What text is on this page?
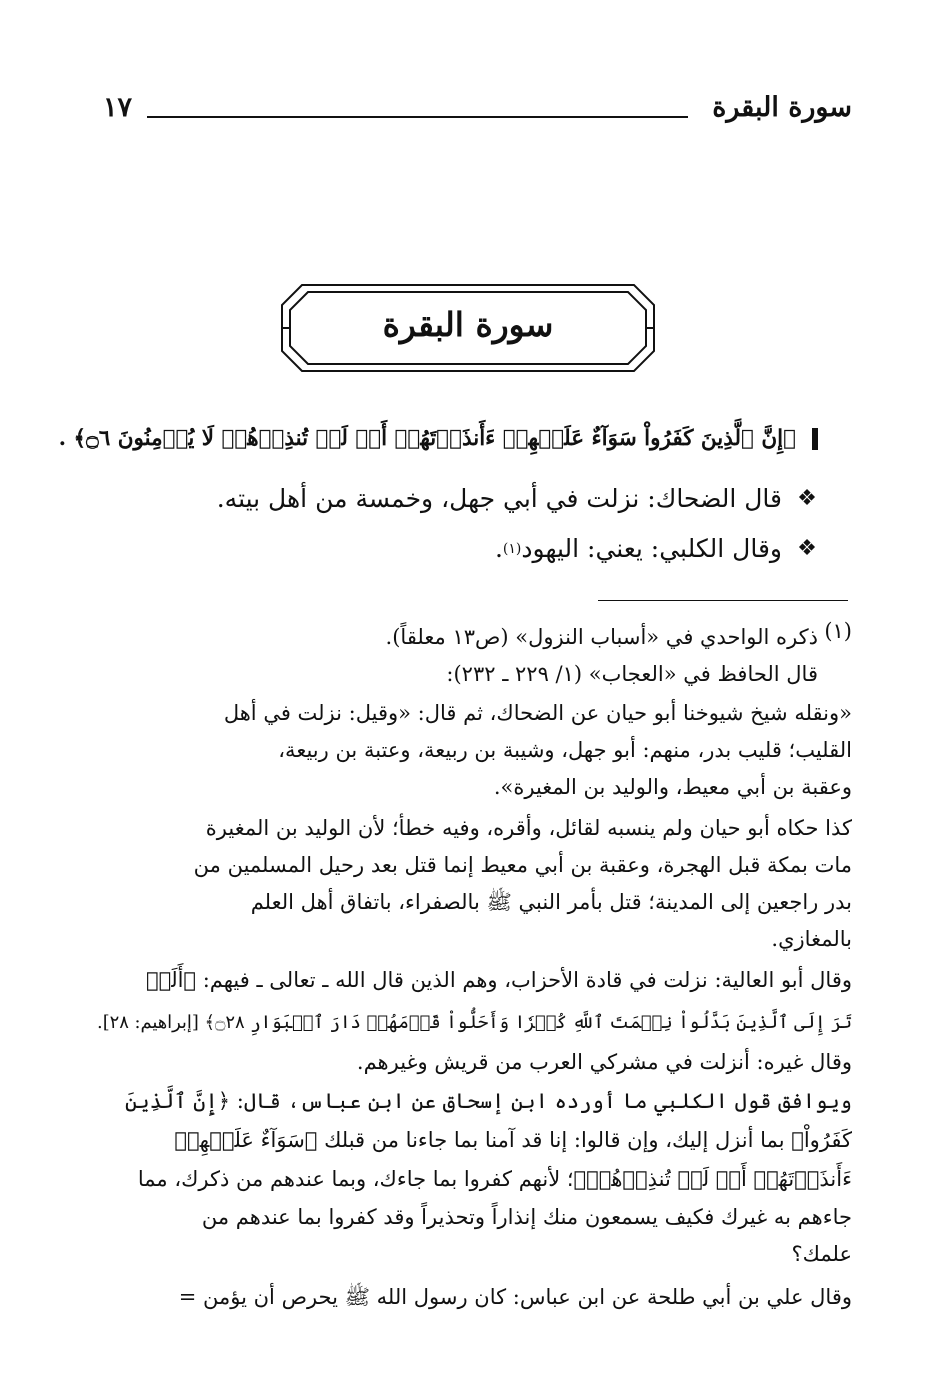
سورة البقرة
١٧
سورة البقرة
﴿إِنَّ ٱلَّذِينَ كَفَرُواْ سَوَآءٌ عَلَيۡهِمۡ ءَأَنذَرۡتَهُمۡ أَمۡ لَمۡ تُنذِرۡهُمۡ لَا يُؤۡمِنُونَ ۝٦﴾ .
❖
قال الضحاك: نزلت في أبي جهل، وخمسة من أهل بيته.
❖
وقال الكلبي: يعني: اليهود
(١)
.
(١)
ذكره الواحدي في «أسباب النزول» (ص١٣ معلقاً).
قال الحافظ في «العجاب» (١/ ٢٢٩ ـ ٢٣٢):
«ونقله شيخ شيوخنا أبو حيان عن الضحاك، ثم قال: «وقيل: نزلت في أهل
القليب؛ قليب بدر، منهم: أبو جهل، وشيبة بن ربيعة، وعتبة بن ربيعة،
وعقبة بن أبي معيط، والوليد بن المغيرة».
كذا حكاه أبو حيان ولم ينسبه لقائل، وأقره، وفيه خطأ؛ لأن الوليد بن المغيرة
مات بمكة قبل الهجرة، وعقبة بن أبي معيط إنما قتل بعد رحيل المسلمين من
بدر راجعين إلى المدينة؛ قتل بأمر النبي ﷺ بالصفراء، باتفاق أهل العلم
بالمغازي.
وقال أبو العالية: نزلت في قادة الأحزاب، وهم الذين قال الله ـ تعالى ـ فيهم: ﴿أَلَمۡ
تَرَ إِلَى ٱلَّذِينَ بَدَّلُواْ نِعۡمَتَ ٱللَّهِ كُفۡرٗا وَأَحَلُّواْ قَوۡمَهُمۡ دَارَ ٱلۡبَوَارِ ۝٢٨﴾ [إبراهيم: ٢٨].
وقال غيره: أنزلت في مشركي العرب من قريش وغيرهم.
ويوافق قول الكلبي ما أورده ابن إسحاق عن ابن عباس، قال: ﴿إِنَّ ٱلَّذِينَ
كَفَرُواْ﴾ بما أنزل إليك، وإن قالوا: إنا قد آمنا بما جاءنا من قبلك ﴿سَوَآءٌ عَلَيۡهِمۡ
ءَأَنذَرۡتَهُمۡ أَمۡ لَمۡ تُنذِرۡهُمۡ﴾؛ لأنهم كفروا بما جاءك، وبما عندهم من ذكرك، مما
جاءهم به غيرك فكيف يسمعون منك إنذاراً وتحذيراً وقد كفروا بما عندهم من
علمك؟
وقال علي بن أبي طلحة عن ابن عباس: كان رسول الله ﷺ يحرص أن يؤمن =
